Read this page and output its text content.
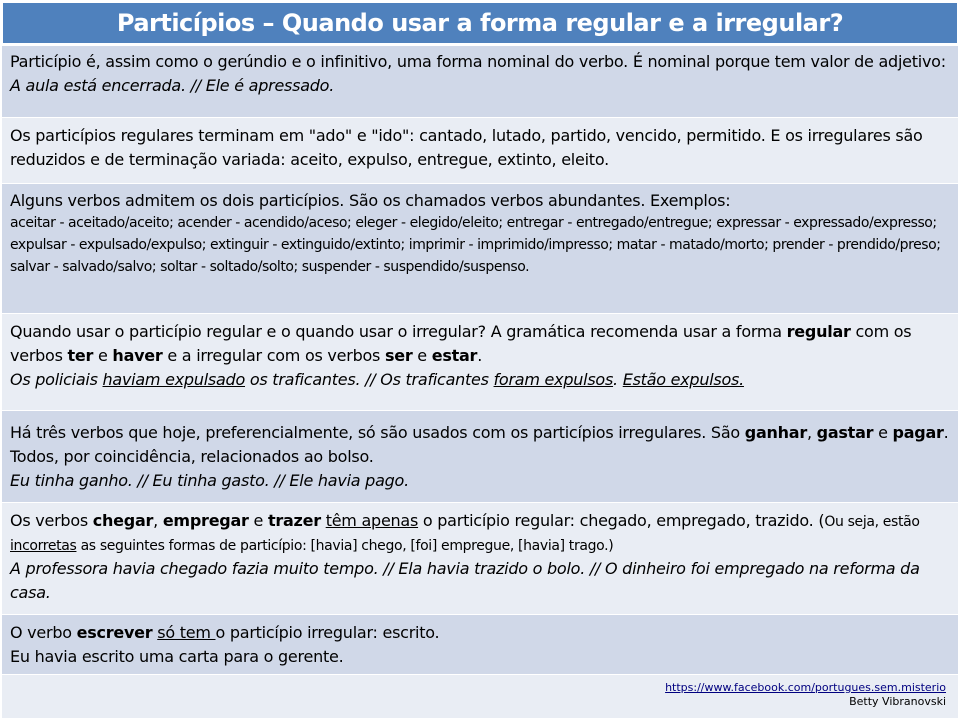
Particípios – Quando usar a forma regular e a irregular?
Particípio é, assim como o gerúndio e o infinitivo, uma forma nominal do verbo. É nominal porque tem valor de adjetivo: A aula está encerrada. // Ele é apressado.
Os particípios regulares terminam em "ado" e "ido": cantado, lutado, partido, vencido, permitido. E os irregulares são reduzidos e de terminação variada: aceito, expulso, entregue, extinto, eleito.
Alguns verbos admitem os dois particípios. São os chamados verbos abundantes. Exemplos:
aceitar - aceitado/aceito; acender - acendido/aceso; eleger - elegido/eleito; entregar - entregado/entregue; expressar - expressado/expresso; expulsar - expulsado/expulso; extinguir - extinguido/extinto; imprimir - imprimido/impresso; matar - matado/morto; prender - prendido/preso; salvar - salvado/salvo; soltar - soltado/solto; suspender - suspendido/suspenso.
Quando usar o particípio regular e o quando usar o irregular? A gramática recomenda usar a forma regular com os verbos ter e haver e a irregular com os verbos ser e estar.
Os policiais haviam expulsado os traficantes. // Os traficantes foram expulsos. Estão expulsos.
Há três verbos que hoje, preferencialmente, só são usados com os particípios irregulares. São ganhar, gastar e pagar. Todos, por coincidência, relacionados ao bolso.
Eu tinha ganho. // Eu tinha gasto. // Ele havia pago.
Os verbos chegar, empregar e trazer têm apenas o particípio regular: chegado, empregado, trazido. (Ou seja, estão incorretas as seguintes formas de particípio: [havia] chego, [foi] empregue, [havia] trago.)
A professora havia chegado fazia muito tempo. // Ela havia trazido o bolo. // O dinheiro foi empregado na reforma da casa.
O verbo escrever só tem o particípio irregular: escrito.
Eu havia escrito uma carta para o gerente.
https://www.facebook.com/portugues.sem.misterio
Betty Vibranovski
